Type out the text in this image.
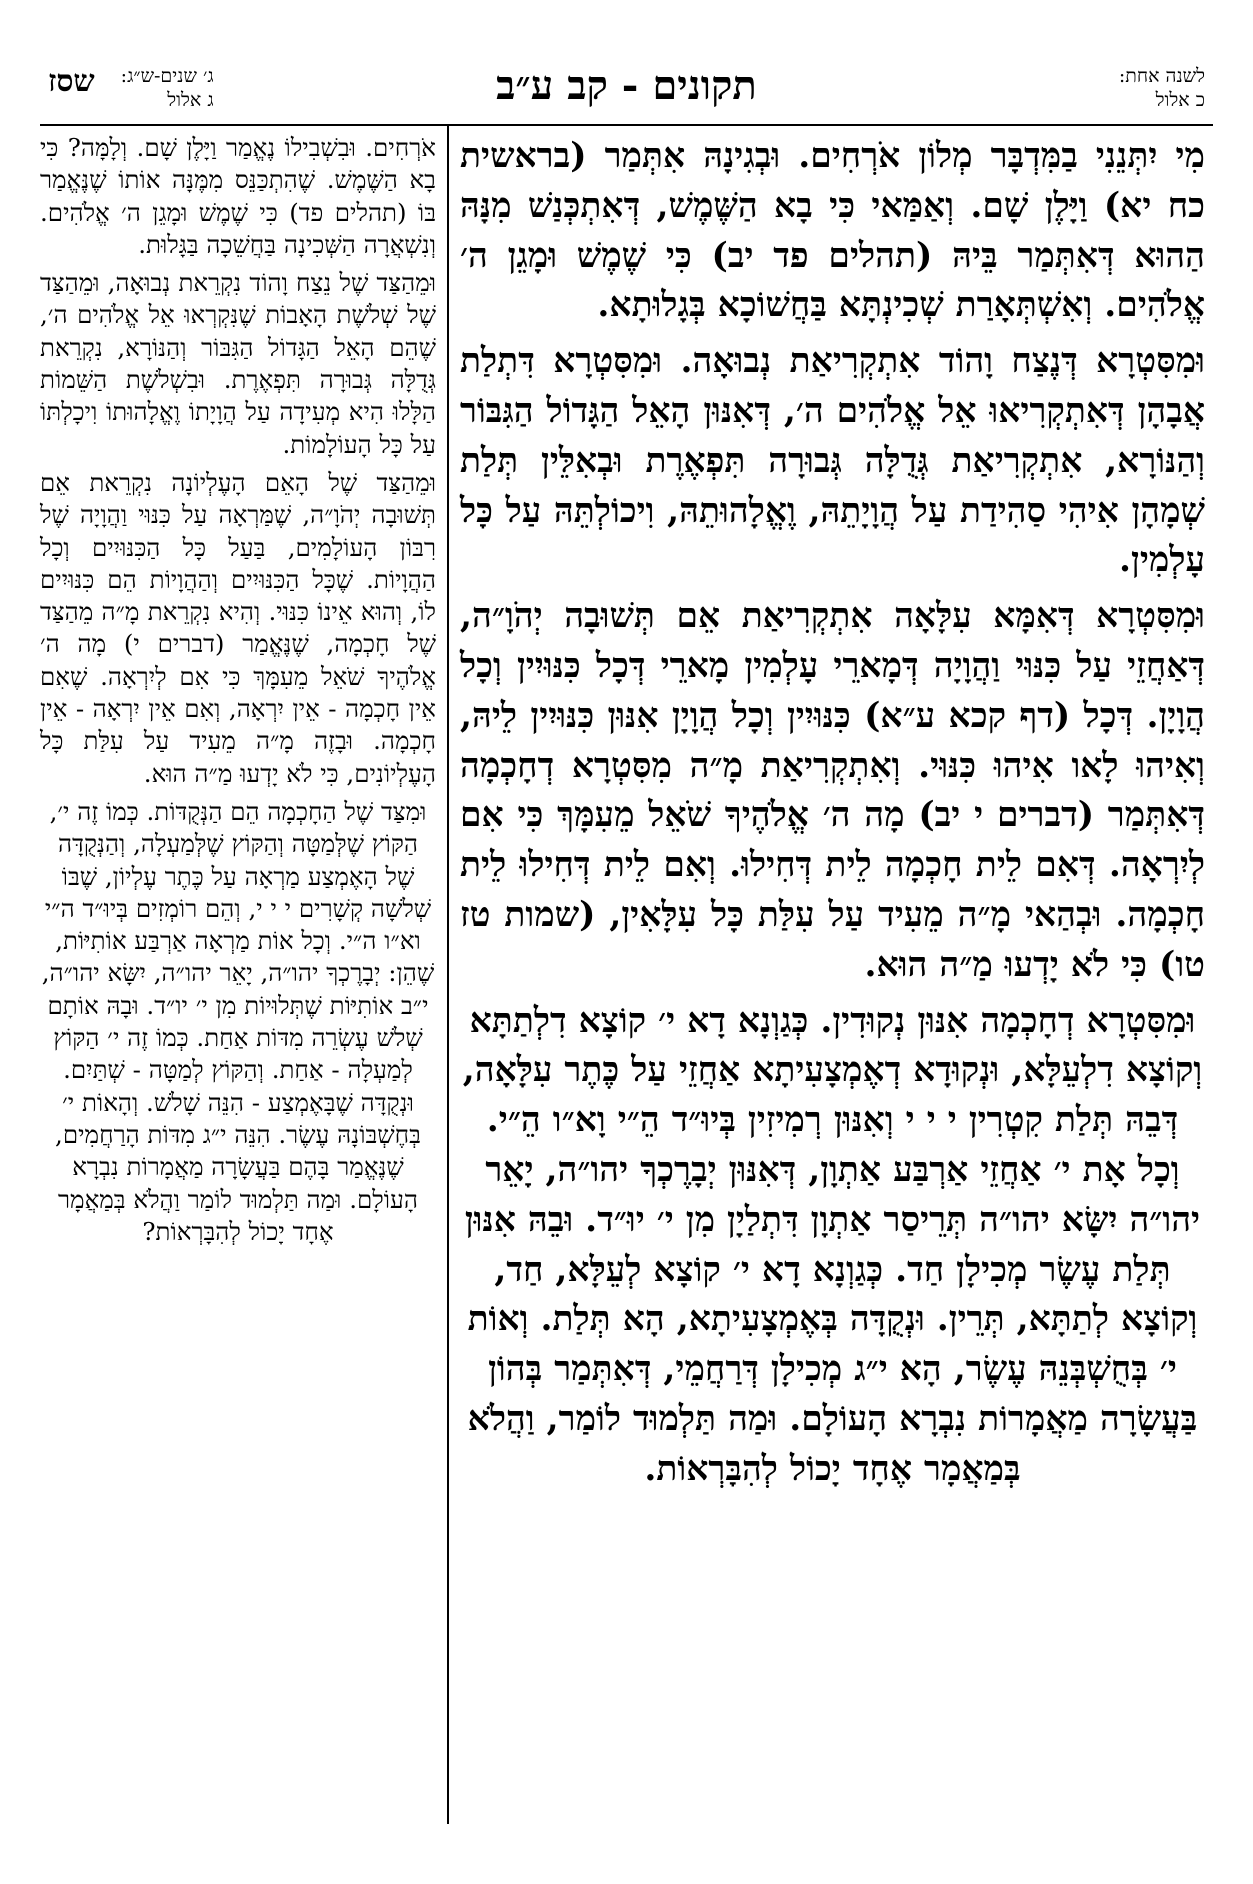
לשנה אחת:
כ אלול
תקונים - קב ע״ב
שסז ג׳ שנים-ש״ג:
ג אלול

מִי יִתְּנֵנִי בַמִּדְבָּר מְלוֹן אֹרְחִים. וּבְגִינָהּ אִתְּמַר (בראשית כח יא) וַיָּלֶן שָׁם. וְאַמַּאי כִּי בָא הַשֶּׁמֶשׁ, דְּאִתְכְּנַשׁ מִנָּהּ הַהוּא דְּאִתְּמַר בֵּיהּ (תהלים פד יב) כִּי שֶׁמֶשׁ וּמָגֵן ה׳ אֱלֹהִים. וְאִשְׁתְּאָרַת שְׁכִינְתָּא בַּחֲשׁוֹכָא בְּגָלוּתָא.

וּמִסִּטְרָא דְּנֶצַח וָהוֹד אִתְקְרִיאַת נְבוּאָה. וּמִסִּטְרָא דִּתְלַת אֲבָהָן דְּאִתְקְרִיאוּ אֵל אֱלֹהִים ה׳, דְּאִנּוּן הָאֵל הַגָּדוֹל הַגִּבּוֹר וְהַנּוֹרָא, אִתְקְרִיאַת גְּדֻלָּה גְּבוּרָה תִּפְאֶרֶת וּבְאִלֵּין תְּלַת שְׁמָהָן אִיהִי סַהִידַת עַל הֲוָיָתֵהּ, וֶאֱלָהוּתֵהּ, וִיכוֹלְתֵּהּ עַל כָּל עָלְמִין.

וּמִסִּטְרָא דְּאִמָּא עִלָּאָה אִתְקְרִיאַת אֵם תְּשׁוּבָה יְהֹוָ״ה, דְּאַחֲזֵי עַל כִּנּוּי וַהֲוָיָה דְּמָארֵי עָלְמִין מָארֵי דְּכָל כִּנּוּיִין וְכָל הֲוָיָן. דְּכָל (דף קכא ע״א) כִּנּוּיִין וְכָל הֲוָיָן אִנּוּן כִּנּוּיִין לֵיהּ, וְאִיהוּ לָאו אִיהוּ כִּנּוּי. וְאִתְקְרִיאַת מָ״ה מִסִּטְרָא דְחָכְמָה דְּאִתְּמַר (דברים י יב) מָה ה׳ אֱלֹהֶיךָ שֹׁאֵל מֵעִמָּךְ כִּי אִם לְיִרְאָה. דְּאִם לֵית חָכְמָה לֵית דְּחִילוּ. וְאִם לֵית דְּחִילוּ לֵית חָכְמָה. וּבְהַאי מָ״ה מֵעִיד עַל עִלַּת כָּל עִלָּאִין, (שמות טז טו) כִּי לֹא יָדְעוּ מַ״ה הוּא.

וּמִסִּטְרָא דְחָכְמָה אִנּוּן נְקוּדִין. כְּגַוְנָא דָא י׳ קוֹצָא דִלְתַתָּא וְקוֹצָא דִלְעֵלָּא, וּנְקוּדָא דְאֶמְצָעִיתָא אַחֲזֵי עַל כֶּתֶר עִלָּאָה, דְּבֵהּ תְּלַת קִטְרִין י י י וְאִנּוּן רְמִיזִין בְּיוּ״ד הֵ״י וָא״ו הֵ״י. וְכָל אָת י׳ אַחֲזֵי אַרְבַּע אַתְוָן, דְּאִנּוּן יְבָרֶכְךָ יהו״ה, יָאֵר יהו״ה יִשָּׂא יהו״ה תְּרֵיסַר אַתְוָן דִּתְלַיָן מִן י׳ יוּ״ד. וּבֵהּ אִנּוּן תְּלַת עֶשֶׂר מְכִילָן חַד. כְּגַוְנָא דָא י׳ קוֹצָא לְעֵלָּא, חַד, וְקוֹצָא לְתַתָּא, תְּרֵין. וּנְקֻדָּה בְּאֶמְצָעִיתָא, הָא תְּלַת. וְאוֹת י׳ בְּחֻשְׁבְּנֵהּ עֶשֶׂר, הָא י״ג מְכִילָן דְּרַחֲמֵי, דְּאִתְּמַר בְּהוֹן בַּעֲשָׂרָה מַאֲמָרוֹת נִבְרָא הָעוֹלָם. וּמַה תַּלְמוּד לוֹמַר, וַהֲלֹא בְּמַאֲמָר אֶחָד יָכוֹל לְהִבָּרְאוֹת.

אֹרְחִים. וּבִשְׁבִילוֹ נֶאֱמַר וַיָּלֶן שָׁם. וְלָמָּה? כִּי בָא הַשֶּׁמֶשׁ. שֶׁהִתְכַּנֵּס מִמֶּנָּה אוֹתוֹ שֶׁנֶּאֱמַר בּוֹ (תהלים פד) כִּי שֶׁמֶשׁ וּמָגֵן ה׳ אֱלֹהִים. וְנִשְׁאֲרָה הַשְּׁכִינָה בַּחֲשֵׁכָה בַּגָּלוּת.

וּמֵהַצַּד שֶׁל נֵצַח וָהוֹד נִקְרֵאת נְבוּאָה, וּמֵהַצַּד שֶׁל שְׁלֹשֶׁת הָאָבוֹת שֶׁנִּקְרְאוּ אֵל אֱלֹהִים ה׳, שֶׁהֵם הָאֵל הַגָּדוֹל הַגִּבּוֹר וְהַנּוֹרָא, נִקְרֵאת גְּדֻלָּה גְּבוּרָה תִּפְאֶרֶת. וּבִשְׁלֹשֶׁת הַשֵּׁמוֹת הַלָּלוּ הִיא מְעִידָה עַל הֲוָיָתוֹ וֶאֱלָהוּתוֹ וִיכָלְתּוֹ עַל כָּל הָעוֹלָמוֹת.

וּמֵהַצַּד שֶׁל הָאֵם הָעֶלְיוֹנָה נִקְרֵאת אֵם תְּשׁוּבָה יְהֹוָ״ה, שֶׁמַּרְאָה עַל כִּנּוּי וַהֲוָיָה שֶׁל רִבּוֹן הָעוֹלָמִים, בַּעַל כָּל הַכִּנּוּיִים וְכָל הַהֲוָיוֹת. שֶׁכָּל הַכִּנּוּיִים וְהַהֲוָיוֹת הֵם כִּנּוּיִים לוֹ, וְהוּא אֵינוֹ כִּנּוּי. וְהִיא נִקְרֵאת מָ״ה מֵהַצַּד שֶׁל חָכְמָה, שֶׁנֶּאֱמַר (דברים י) מָה ה׳ אֱלֹהֶיךָ שֹׁאֵל מֵעִמָּךְ כִּי אִם לְיִרְאָה. שֶׁאִם אֵין חָכְמָה - אֵין יִרְאָה, וְאִם אֵין יִרְאָה - אֵין חָכְמָה. וּבָזֶה מָ״ה מֵעִיד עַל עִלַּת כָּל הָעֶלְיוֹנִים, כִּי לֹא יָדְעוּ מַ״ה הוּא.

וּמִצַּד שֶׁל הַחָכְמָה הֵם הַנְּקֻדּוֹת. כְּמוֹ זֶה י׳, הַקּוֹץ שֶׁלְּמַטָּה וְהַקּוֹץ שֶׁלְּמַעְלָה, וְהַנְּקֻדָּה שֶׁל הָאֶמְצַע מַרְאָה עַל כֶּתֶר עֶלְיוֹן, שֶׁבּוֹ שְׁלֹשָׁה קְשָׁרִים י י י, וְהֵם רוֹמְזִים בְּיוּ״ד ה״י וא״ו ה״י. וְכָל אוֹת מַרְאָה אַרְבַּע אוֹתִיּוֹת, שֶׁהֵן: יְבָרֶכְךָ יהו״ה, יָאֵר יהו״ה, יִשָּׂא יהו״ה, י״ב אוֹתִיּוֹת שֶׁתְּלוּיוֹת מִן י׳ יו״ד. וּבָהּ אוֹתָם שְׁלֹשׁ עֶשְׂרֵה מִדּוֹת אַחַת. כְּמוֹ זֶה י׳ הַקּוֹץ לְמַעְלָה - אַחַת. וְהַקּוֹץ לְמַטָּה - שְׁתַּיִם. וּנְקֻדָּה שֶׁבָּאֶמְצַע - הִנֵּה שָׁלֹשׁ. וְהָאוֹת י׳ בְּחֶשְׁבּוֹנָהּ עֶשֶׂר. הִנֵּה י״ג מִדּוֹת הָרַחֲמִים, שֶׁנֶּאֱמַר בָּהֶם בַּעֲשָׂרָה מַאֲמָרוֹת נִבְרָא הָעוֹלָם. וּמַה תַּלְמוּד לוֹמַר וַהֲלֹא בְּמַאֲמָר אֶחָד יָכוֹל לְהִבָּרְאוֹת?
